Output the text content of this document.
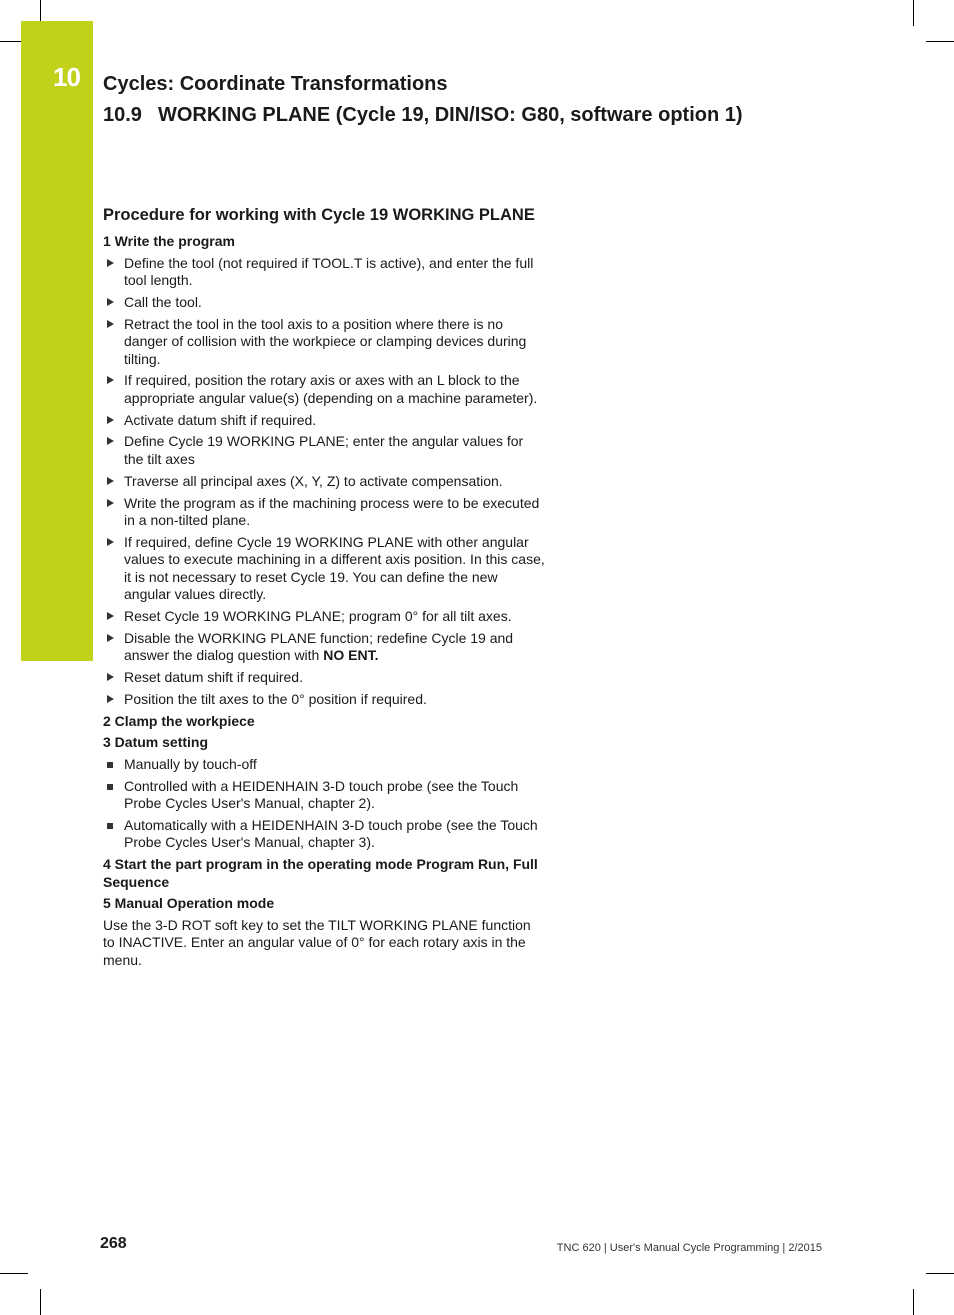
10 Cycles: Coordinate Transformations
10.9 WORKING PLANE (Cycle 19, DIN/ISO: G80, software option 1)
Procedure for working with Cycle 19 WORKING PLANE
1 Write the program
Define the tool (not required if TOOL.T is active), and enter the full tool length.
Call the tool.
Retract the tool in the tool axis to a position where there is no danger of collision with the workpiece or clamping devices during tilting.
If required, position the rotary axis or axes with an L block to the appropriate angular value(s) (depending on a machine parameter).
Activate datum shift if required.
Define Cycle 19 WORKING PLANE; enter the angular values for the tilt axes
Traverse all principal axes (X, Y, Z) to activate compensation.
Write the program as if the machining process were to be executed in a non-tilted plane.
If required, define Cycle 19 WORKING PLANE with other angular values to execute machining in a different axis position. In this case, it is not necessary to reset Cycle 19. You can define the new angular values directly.
Reset Cycle 19 WORKING PLANE; program 0° for all tilt axes.
Disable the WORKING PLANE function; redefine Cycle 19 and answer the dialog question with NO ENT.
Reset datum shift if required.
Position the tilt axes to the 0° position if required.
2 Clamp the workpiece
3 Datum setting
Manually by touch-off
Controlled with a HEIDENHAIN 3-D touch probe (see the Touch Probe Cycles User's Manual, chapter 2).
Automatically with a HEIDENHAIN 3-D touch probe (see the Touch Probe Cycles User's Manual, chapter 3).
4 Start the part program in the operating mode Program Run, Full Sequence
5 Manual Operation mode

Use the 3-D ROT soft key to set the TILT WORKING PLANE function to INACTIVE. Enter an angular value of 0° for each rotary axis in the menu.

268	TNC 620 | User's Manual Cycle Programming | 2/2015
